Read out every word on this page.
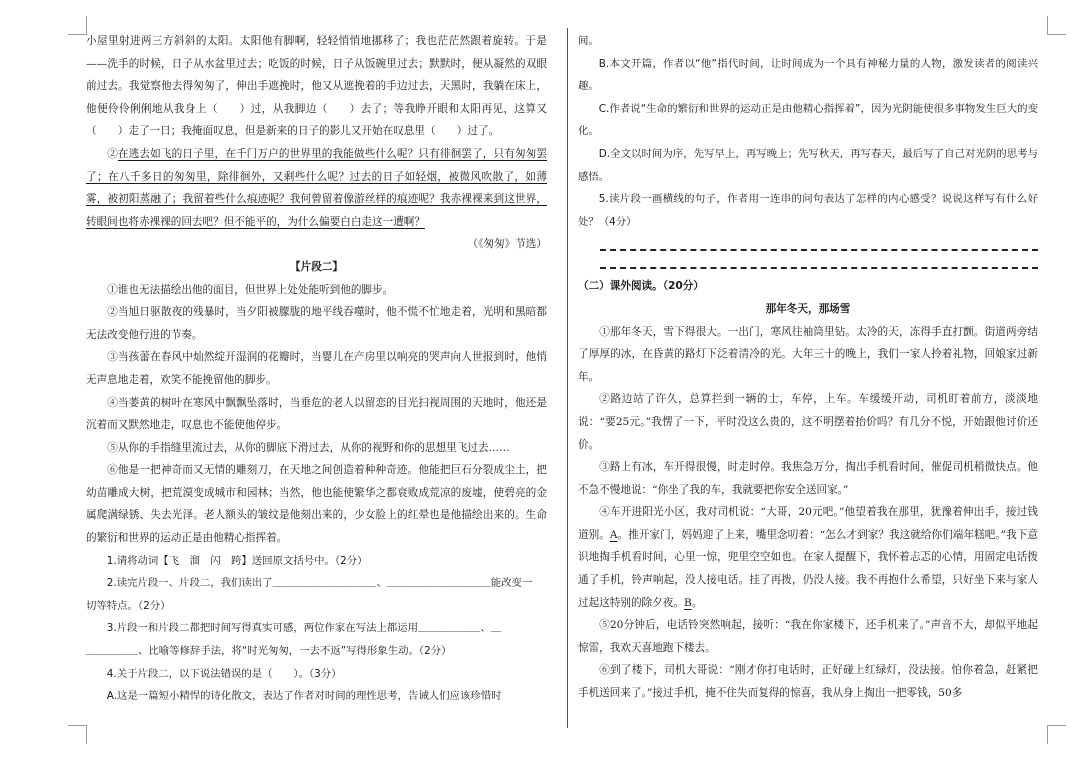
小屋里射进两三方斜斜的太阳。太阳他有脚啊，轻轻悄悄地挪移了；我也茫茫然跟着旋转。于是——洗手的时候，日子从水盆里过去；吃饭的时候，日子从饭碗里过去；默默时，便从凝然的双眼前过去。我觉察他去得匆匆了，伸出手遮挽时，他又从遮挽着的手边过去，天黑时，我躺在床上，他便伶伶俐俐地从我身上（　　）过，从我脚边（　　）去了；等我睁开眼和太阳再见，这算又（　　）走了一日；我掩面叹息，但是新来的日子的影儿又开始在叹息里（　　）过了。

②在逃去如飞的日子里，在千门万户的世界里的我能做些什么呢？只有徘徊罢了，只有匆匆罢了；在八千多日的匆匆里，除徘徊外，又剩些什么呢？过去的日子如轻烟，被微风吹散了，如薄雾，被初阳蒸融了；我留着些什么痕迹呢？我何曾留着像游丝样的痕迹呢？我赤裸裸来到这世界，转眼间也将赤裸裸的回去吧？但不能平的，为什么偏要白白走这一遭啊？

（《匆匆》节选）

【片段二】

①谁也无法描绘出他的面目，但世界上处处能听到他的脚步。

②当旭日驱散夜的残暴时，当夕阳被朦胧的地平线吞噬时，他不慌不忙地走着，光明和黑暗都无法改变他行进的节奏。

③当孩蕾在春风中灿然绽开湿润的花瓣时，当婴儿在产房里以响亮的哭声向人世报到时，他悄无声息地走着，欢笑不能挽留他的脚步。

④当萎黄的树叶在寒风中飘飘坠落时，当垂危的老人以留恋的目光扫视周围的天地时，他还是沉着而又默然地走，叹息也不能使他停步。

⑤从你的手指缝里流过去，从你的脚底下滑过去，从你的视野和你的思想里飞过去……

⑥他是一把神奇而又无情的雕刻刀，在天地之间创造着种种奇迹。他能把巨石分裂成尘土，把幼苗雕成大树，把荒漠变成城市和园林；当然，他也能使繁华之都衰败成荒凉的废墟，使碧亮的金属爬满绿锈、失去光泽。老人额头的皱纹是他刻出来的，少女脸上的红晕也是他描绘出来的。生命的繁衍和世界的运动正是由他精心指挥着。

1.请将动词【飞　溜　闪　跨】送回原文括号中。（2分）

2.读完片段一、片段二，我们读出了＿＿＿＿＿＿＿＿＿＿、＿＿＿＿＿＿＿＿＿＿能改变一

切等特点。（2分）

3.片段一和片段二都把时间写得真实可感，两位作家在写法上都运用＿＿＿＿＿＿、＿

＿＿＿＿＿、比喻等修辞手法，将“时光匆匆，一去不返”写得形象生动。（2分）

4.关于片段二，以下说法错误的是（　　）。（3分）

A.这是一篇短小精悍的诗化散文，表达了作者对时间的理性思考，告诫人们应该珍惜时

间。

B.本文开篇，作者以“他”指代时间，让时间成为一个具有神秘力量的人物，激发读者的阅读兴趣。

C.作者说“生命的繁衍和世界的运动正是由他精心指挥着”，因为光阴能使很多事物发生巨大的变化。

D.全文以时间为序，先写早上，再写晚上；先写秋天，再写春天，最后写了自己对光阴的思考与感悟。

5.读片段一画横线的句子，作者用一连串的问句表达了怎样的内心感受？说说这样写有什么好处？（4分）

（二）课外阅读。（20分）

那年冬天，那场雪

①那年冬天，雪下得很大。一出门，寒风往袖筒里钻。太冷的天，冻得手直打颤。街道两旁结了厚厚的冰，在昏黄的路灯下泛着清冷的光。大年三十的晚上，我们一家人拎着礼物，回娘家过新年。

②路边站了许久，总算拦到一辆的士，车停，上车。车缓缓开动，司机盯着前方，淡淡地说：“要25元。”我愣了一下，平时没这么贵的，这不明摆着抬价吗？有几分不悦，开始跟他讨价还价。

③路上有冰，车开得很慢，时走时停。我焦急万分，掏出手机看时间，催促司机稍微快点。他不急不慢地说：“你坐了我的车，我就要把你安全送回家。”

④车开进阳光小区，我对司机说：“大哥，20元吧。”他望着我在那里，犹豫着伸出手，接过钱道别。A。推开家门，妈妈迎了上来，嘴里念叨着：“怎么才到家？我这就给你们端年糕吧。”我下意识地掏手机看时间，心里一惊，兜里空空如也。在家人提醒下，我怀着忐忑的心情，用固定电话拨通了手机，铃声响起，没人接电话。挂了再拨，仍没人接。我不再抱什么希望，只好坐下来与家人过起这特别的除夕夜。B。

⑤20分钟后，电话铃突然响起，接听：“我在你家楼下，还手机来了。”声音不大，却似平地起惊雷，我欢天喜地跑下楼去。

⑥到了楼下，司机大哥说：“刚才你打电话时，正好碰上红绿灯，没法接。怕你着急，赶紧把手机送回来了。”接过手机，掩不住失而复得的惊喜，我从身上掏出一把零钱，50多
